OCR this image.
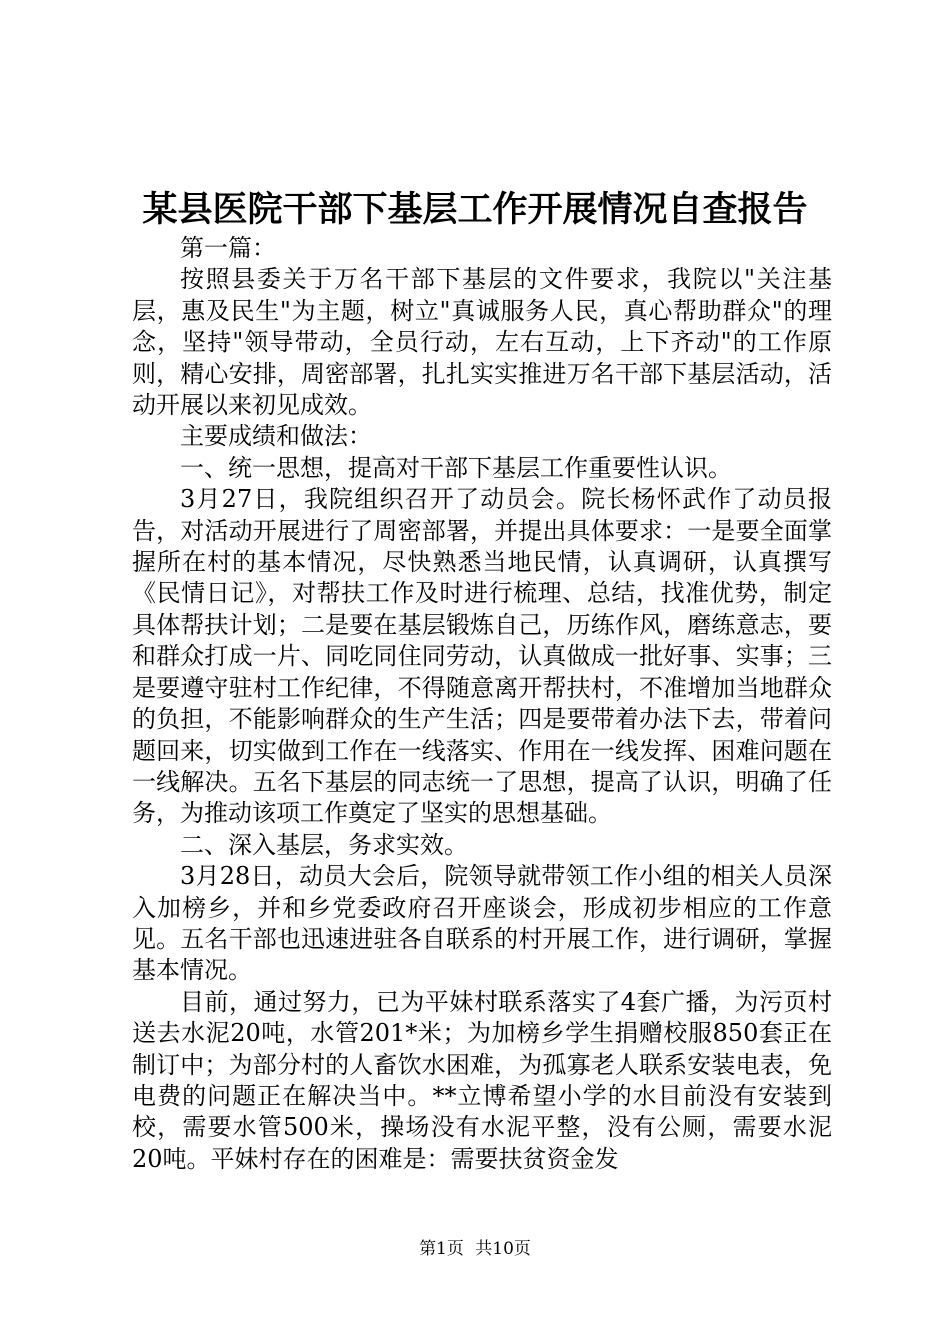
某县医院干部下基层工作开展情况自查报告

第一篇：

按照县委关于万名干部下基层的文件要求，我院以"关注基层，惠及民生"为主题，树立"真诚服务人民，真心帮助群众"的理念，坚持"领导带动，全员行动，左右互动，上下齐动"的工作原则，精心安排，周密部署，扎扎实实推进万名干部下基层活动，活动开展以来初见成效。

主要成绩和做法：

一、统一思想，提高对干部下基层工作重要性认识。

3月27日，我院组织召开了动员会。院长杨怀武作了动员报告，对活动开展进行了周密部署，并提出具体要求：一是要全面掌握所在村的基本情况，尽快熟悉当地民情，认真调研，认真撰写《民情日记》，对帮扶工作及时进行梳理、总结，找准优势，制定具体帮扶计划；二是要在基层锻炼自己，历练作风，磨练意志，要和群众打成一片、同吃同住同劳动，认真做成一批好事、实事；三是要遵守驻村工作纪律，不得随意离开帮扶村，不准增加当地群众的负担，不能影响群众的生产生活；四是要带着办法下去，带着问题回来，切实做到工作在一线落实、作用在一线发挥、困难问题在一线解决。五名下基层的同志统一了思想，提高了认识，明确了任务，为推动该项工作奠定了坚实的思想基础。

二、深入基层，务求实效。

3月28日，动员大会后，院领导就带领工作小组的相关人员深入加榜乡，并和乡党委政府召开座谈会，形成初步相应的工作意见。五名干部也迅速进驻各自联系的村开展工作，进行调研，掌握基本情况。

目前，通过努力，已为平妹村联系落实了4套广播，为污页村送去水泥20吨，水管201*米；为加榜乡学生捐赠校服850套正在制订中；为部分村的人畜饮水困难，为孤寡老人联系安装电表，免电费的问题正在解决当中。**立博希望小学的水目前没有安装到校，需要水管500米，操场没有水泥平整，没有公厕，需要水泥20吨。平妹村存在的困难是：需要扶贫资金发

第1页 共10页
